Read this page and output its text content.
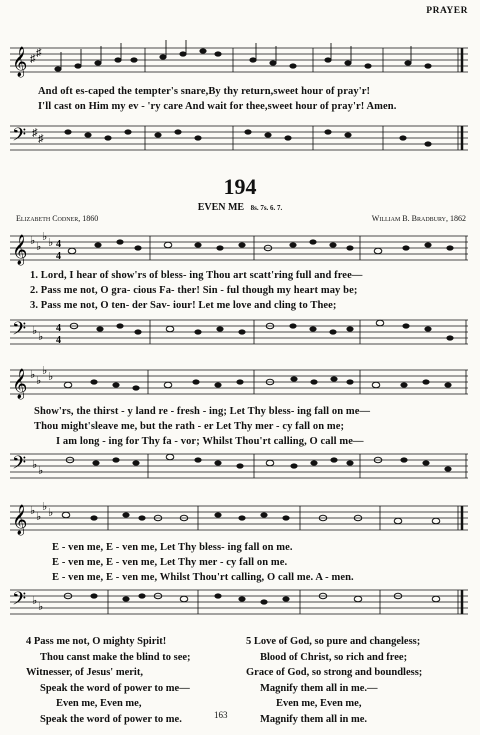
PRAYER
𝄞 ♯ ♯
And oft es-caped the tempter's snare,By thy return,sweet hour of pray'r!
I'll cast on Him my ev - 'ry care And wait for thee,sweet hour of pray'r! Amen.
𝄢 ♯ ♯
194
EVEN ME 8s. 7s. 6. 7.
Elizabeth Codner, 1860	William B. Bradbury, 1862
𝄞 ♭ ♭
♭ ♭ 4
4
1. Lord, I hear of show'rs of bless- ing Thou art scatt'ring full and free—
2. Pass me not, O gra- cious Fa- ther! Sin - ful though my heart may be;
3. Pass me not, O ten- der Sav- iour! Let me love and cling to Thee;
𝄢 ♭ ♭
4
4
𝄞 ♭ ♭
♭ ♭
Show'rs, the thirst - y land re - fresh - ing; Let Thy bless- ing fall on me—
Thou might'sleave me, but the rath - er Let Thy mer - cy fall on me;
I am long - ing for Thy fa - vor; Whilst Thou'rt calling, O call me—
𝄢 ♭ ♭
𝄞 ♭ ♭
♭ ♭
E - ven me, E - ven me, Let Thy bless- ing fall on me.
E - ven me, E - ven me, Let Thy mer - cy fall on me.
E - ven me, E - ven me, Whilst Thou'rt calling, O call me. A - men.
𝄢 ♭ ♭
4 Pass me not, O mighty Spirit!
Thou canst make the blind to see;
Witnesser, of Jesus' merit,
Speak the word of power to me—
Even me, Even me,
Speak the word of power to me.
5 Love of God, so pure and changeless;
Blood of Christ, so rich and free;
Grace of God, so strong and boundless;
Magnify them all in me.—
Even me, Even me,
Magnify them all in me.
163
